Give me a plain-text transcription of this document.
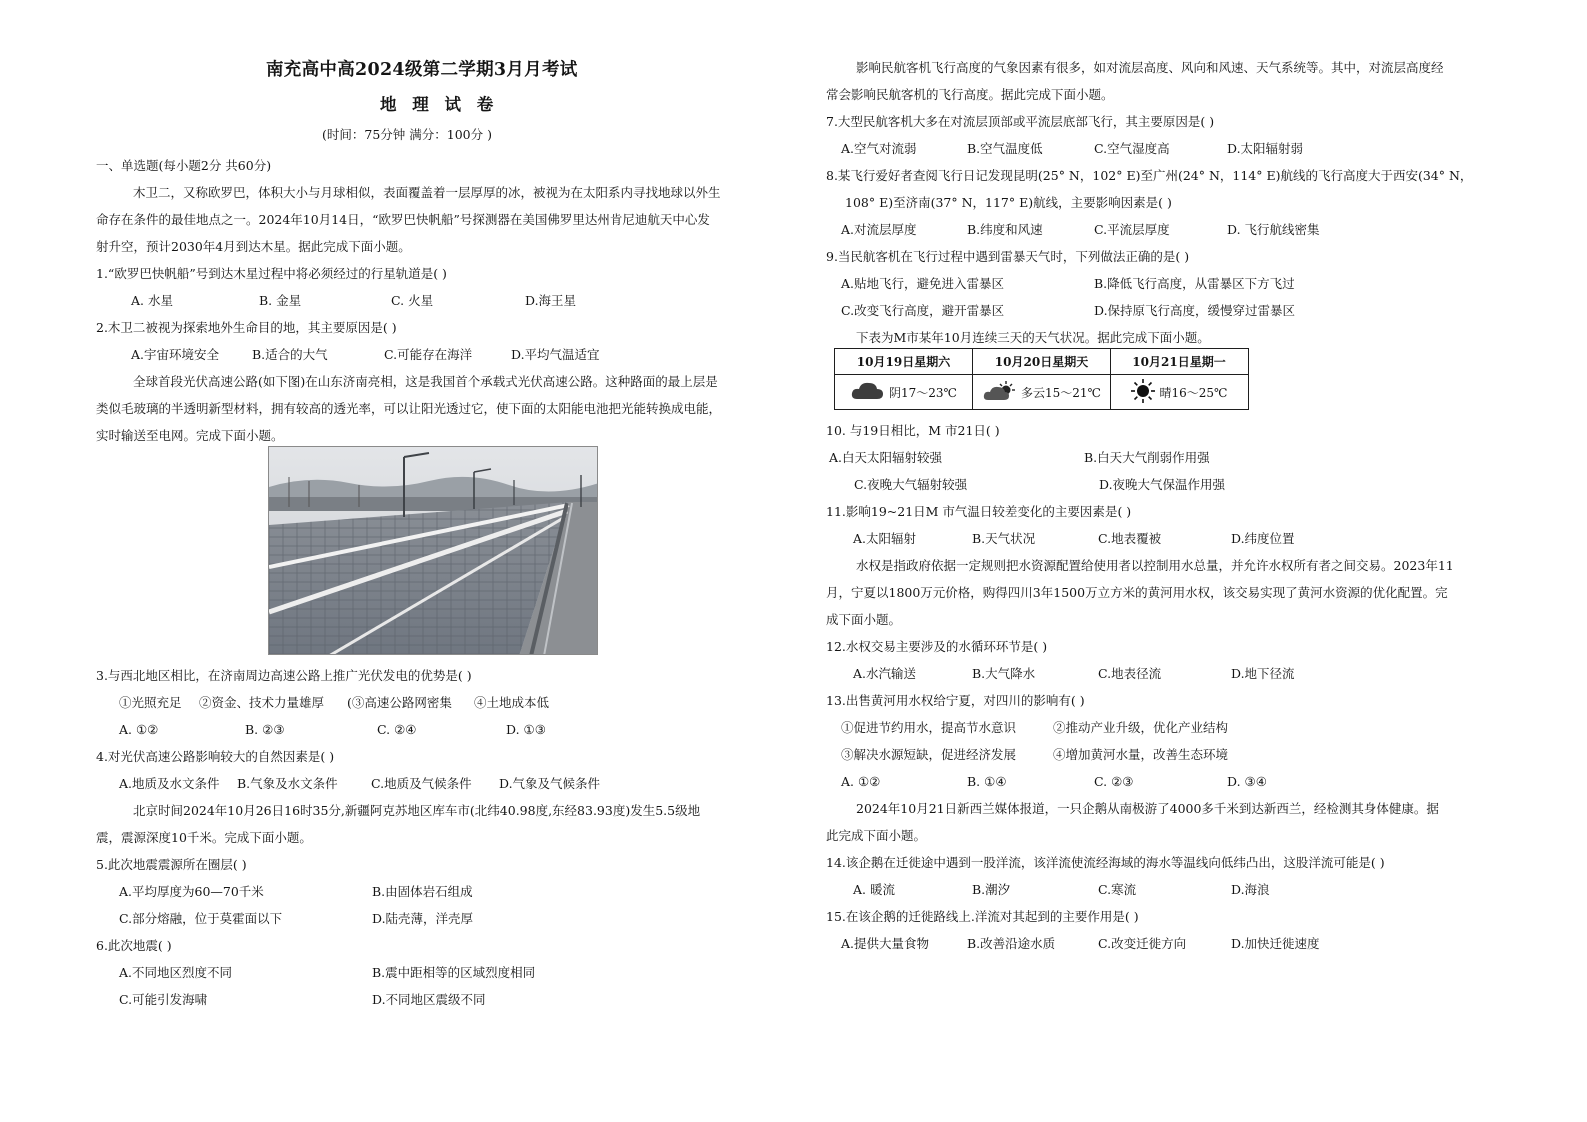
南充高中高2024级第二学期3月月考试
地 理 试 卷
(时间：75分钟 满分：100分 )
一、单选题(每小题2分 共60分)
木卫二，又称欧罗巴，体积大小与月球相似，表面覆盖着一层厚厚的冰，被视为在太阳系内寻找地球以外生
命存在条件的最佳地点之一。2024年10月14日，“欧罗巴快帆船”号探测器在美国佛罗里达州肯尼迪航天中心发
射升空，预计2030年4月到达木星。据此完成下面小题。
1.“欧罗巴快帆船”号到达木星过程中将必须经过的行星轨道是( )
A. 水星	B. 金星	C. 火星	D.海王星
2.木卫二被视为探索地外生命目的地，其主要原因是( )
A.宇宙环境安全	B.适合的大气	C.可能存在海洋	D.平均气温适宜
全球首段光伏高速公路(如下图)在山东济南亮相，这是我国首个承载式光伏高速公路。这种路面的最上层是
类似毛玻璃的半透明新型材料，拥有较高的透光率，可以让阳光透过它，使下面的太阳能电池把光能转换成电能，
实时输送至电网。完成下面小题。
3.与西北地区相比，在济南周边高速公路上推广光伏发电的优势是( )
①光照充足 ②资金、技术力量雄厚 (③高速公路网密集 ④土地成本低
A. ①②	B. ②③	C. ②④	D. ①③
4.对光伏高速公路影响较大的自然因素是( )
A.地质及水文条件 B.气象及水文条件	C.地质及气候条件 D.气象及气候条件
北京时间2024年10月26日16时35分,新疆阿克苏地区库车市(北纬40.98度,东经83.93度)发生5.5级地
震，震源深度10千米。完成下面小题。
5.此次地震震源所在圈层( )
A.平均厚度为60—70千米	B.由固体岩石组成
C.部分熔融，位于莫霍面以下	D.陆壳薄，洋壳厚
6.此次地震( )
A.不同地区烈度不同	B.震中距相等的区域烈度相同
C.可能引发海啸	D.不同地区震级不同
影响民航客机飞行高度的气象因素有很多，如对流层高度、风向和风速、天气系统等。其中，对流层高度经
常会影响民航客机的飞行高度。据此完成下面小题。
7.大型民航客机大多在对流层顶部或平流层底部飞行，其主要原因是( )
A.空气对流弱	B.空气温度低	C.空气湿度高	D.太阳辐射弱
8.某飞行爱好者查阅飞行日记发现昆明(25° N，102° E)至广州(24° N，114° E)航线的飞行高度大于西安(34° N，
108° E)至济南(37° N，117° E)航线，主要影响因素是( )
A.对流层厚度	B.纬度和风速	C.平流层厚度	D. 飞行航线密集
9.当民航客机在飞行过程中遇到雷暴天气时，下列做法正确的是( )
A.贴地飞行，避免进入雷暴区	B.降低飞行高度，从雷暴区下方飞过
C.改变飞行高度，避开雷暴区	D.保持原飞行高度，缓慢穿过雷暴区
下表为M市某年10月连续三天的天气状况。据此完成下面小题。
10. 与19日相比，M 市21日( )
A.白天太阳辐射较强	B.白天大气削弱作用强
C.夜晚大气辐射较强	D.夜晚大气保温作用强
11.影响19~21日M 市气温日较差变化的主要因素是( )
A.太阳辐射	B.天气状况	C.地表覆被	D.纬度位置
水权是指政府依据一定规则把水资源配置给使用者以控制用水总量，并允许水权所有者之间交易。2023年11
月，宁夏以1800万元价格，购得四川3年1500万立方米的黄河用水权，该交易实现了黄河水资源的优化配置。完
成下面小题。
12.水权交易主要涉及的水循环环节是( )
A.水汽输送	B.大气降水	C.地表径流	D.地下径流
13.出售黄河用水权给宁夏，对四川的影响有( )
①促进节约用水，提高节水意识	②推动产业升级，优化产业结构
③解决水源短缺，促进经济发展	④增加黄河水量，改善生态环境
A. ①②	B. ①④	C. ②③	D. ③④
2024年10月21日新西兰媒体报道，一只企鹅从南极游了4000多千米到达新西兰，经检测其身体健康。据
此完成下面小题。
14.该企鹅在迁徙途中遇到一股洋流，该洋流使流经海域的海水等温线向低纬凸出，这股洋流可能是( )
A. 暖流	B.潮汐	C.寒流	D.海浪
15.在该企鹅的迁徙路线上.洋流对其起到的主要作用是( )
A.提供大量食物	B.改善沿途水质	C.改变迁徙方向	D.加快迁徙速度
10月19日星期六	10月20日星期天	10月21日星期一
阴17～23℃	多云15～21℃	晴16～25℃
